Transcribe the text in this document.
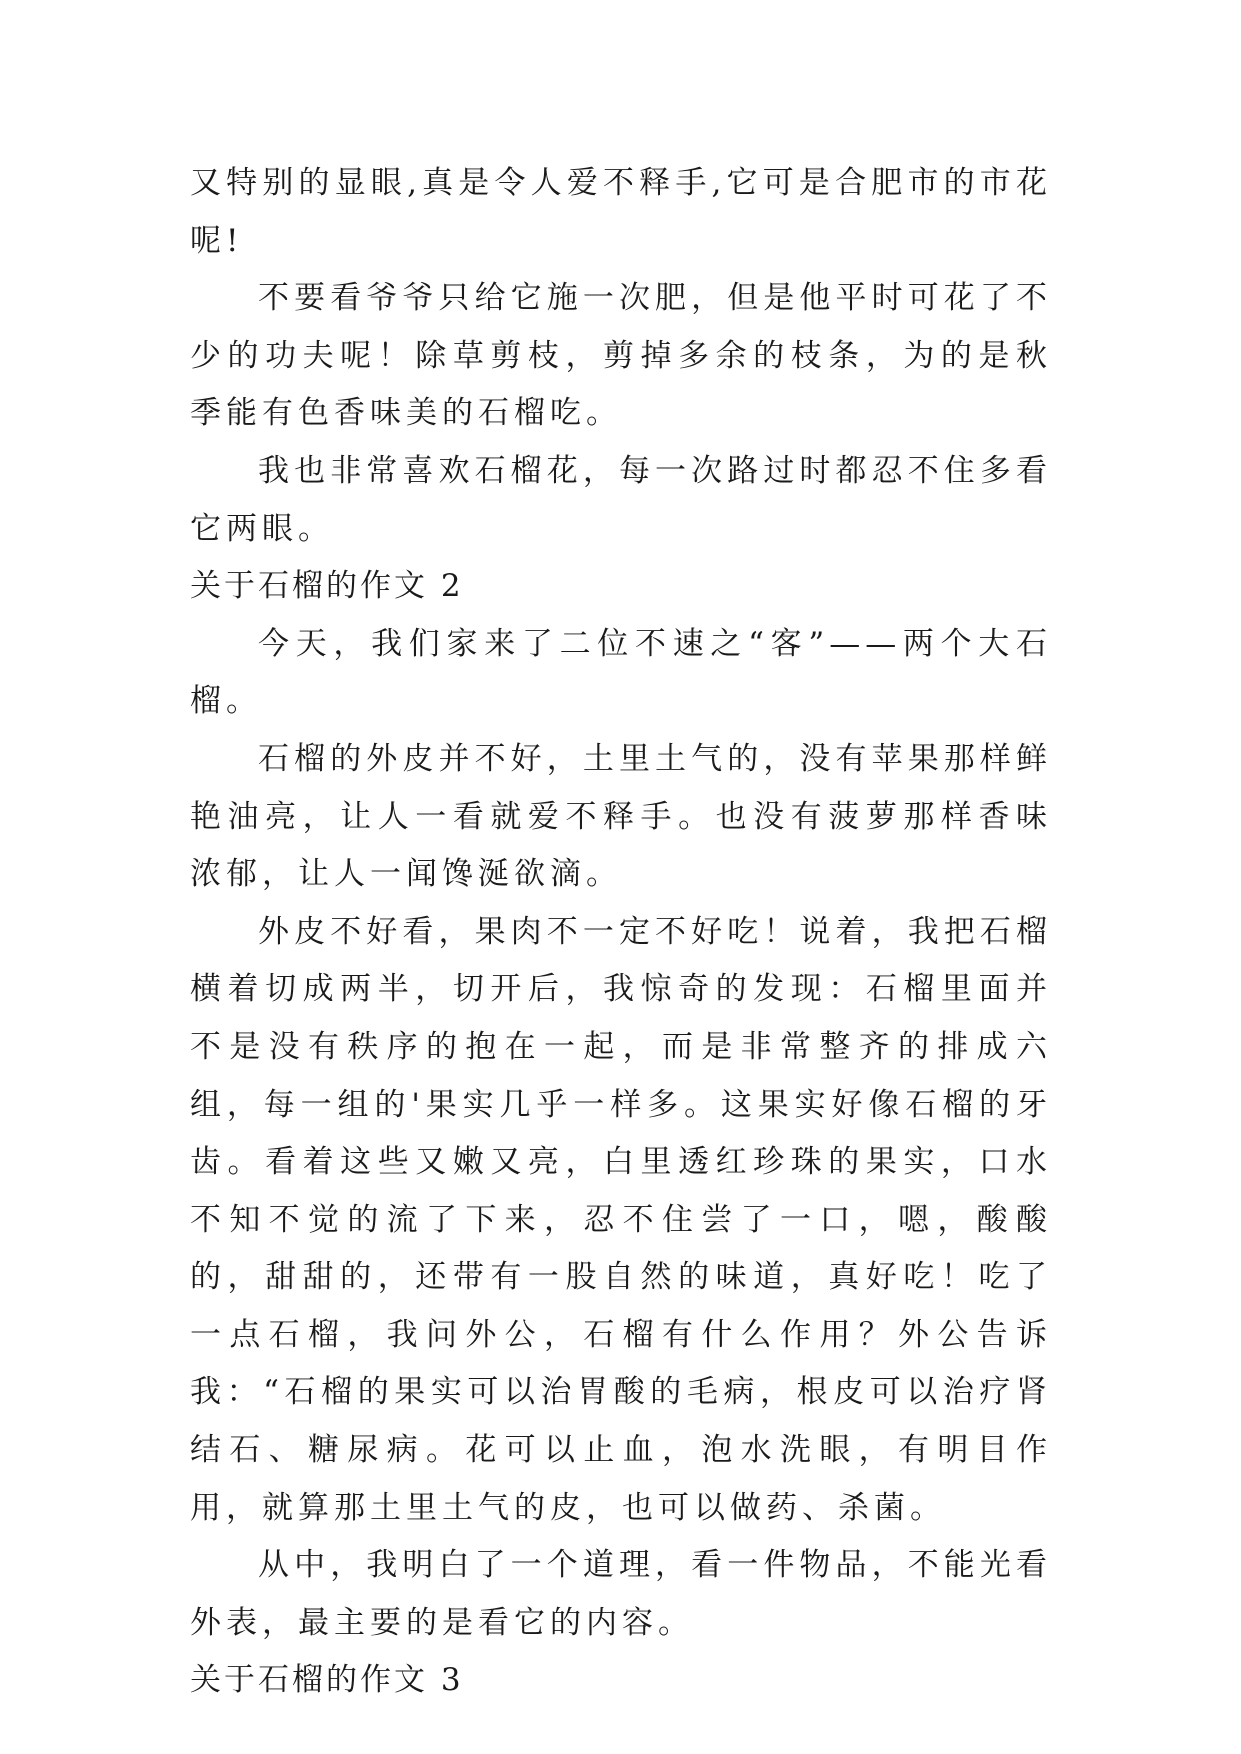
又特别的显眼,真是令人爱不释手,它可是合肥市的市花呢!

不要看爷爷只给它施一次肥，但是他平时可花了不少的功夫呢！除草剪枝，剪掉多余的枝条，为的是秋季能有色香味美的石榴吃。

我也非常喜欢石榴花，每一次路过时都忍不住多看它两眼。

关于石榴的作文 2

今天，我们家来了二位不速之“客”——两个大石榴。

石榴的外皮并不好，土里土气的，没有苹果那样鲜艳油亮，让人一看就爱不释手。也没有菠萝那样香味浓郁，让人一闻馋涎欲滴。

外皮不好看，果肉不一定不好吃！说着，我把石榴横着切成两半，切开后，我惊奇的发现：石榴里面并不是没有秩序的抱在一起，而是非常整齐的排成六组，每一组的'果实几乎一样多。这果实好像石榴的牙齿。看着这些又嫩又亮，白里透红珍珠的果实，口水不知不觉的流了下来，忍不住尝了一口，嗯，酸酸的，甜甜的，还带有一股自然的味道，真好吃！吃了一点石榴，我问外公，石榴有什么作用？外公告诉我：“石榴的果实可以治胃酸的毛病，根皮可以治疗肾结石、糖尿病。花可以止血，泡水洗眼，有明目作用，就算那土里土气的皮，也可以做药、杀菌。

从中，我明白了一个道理，看一件物品，不能光看外表，最主要的是看它的内容。

关于石榴的作文 3
